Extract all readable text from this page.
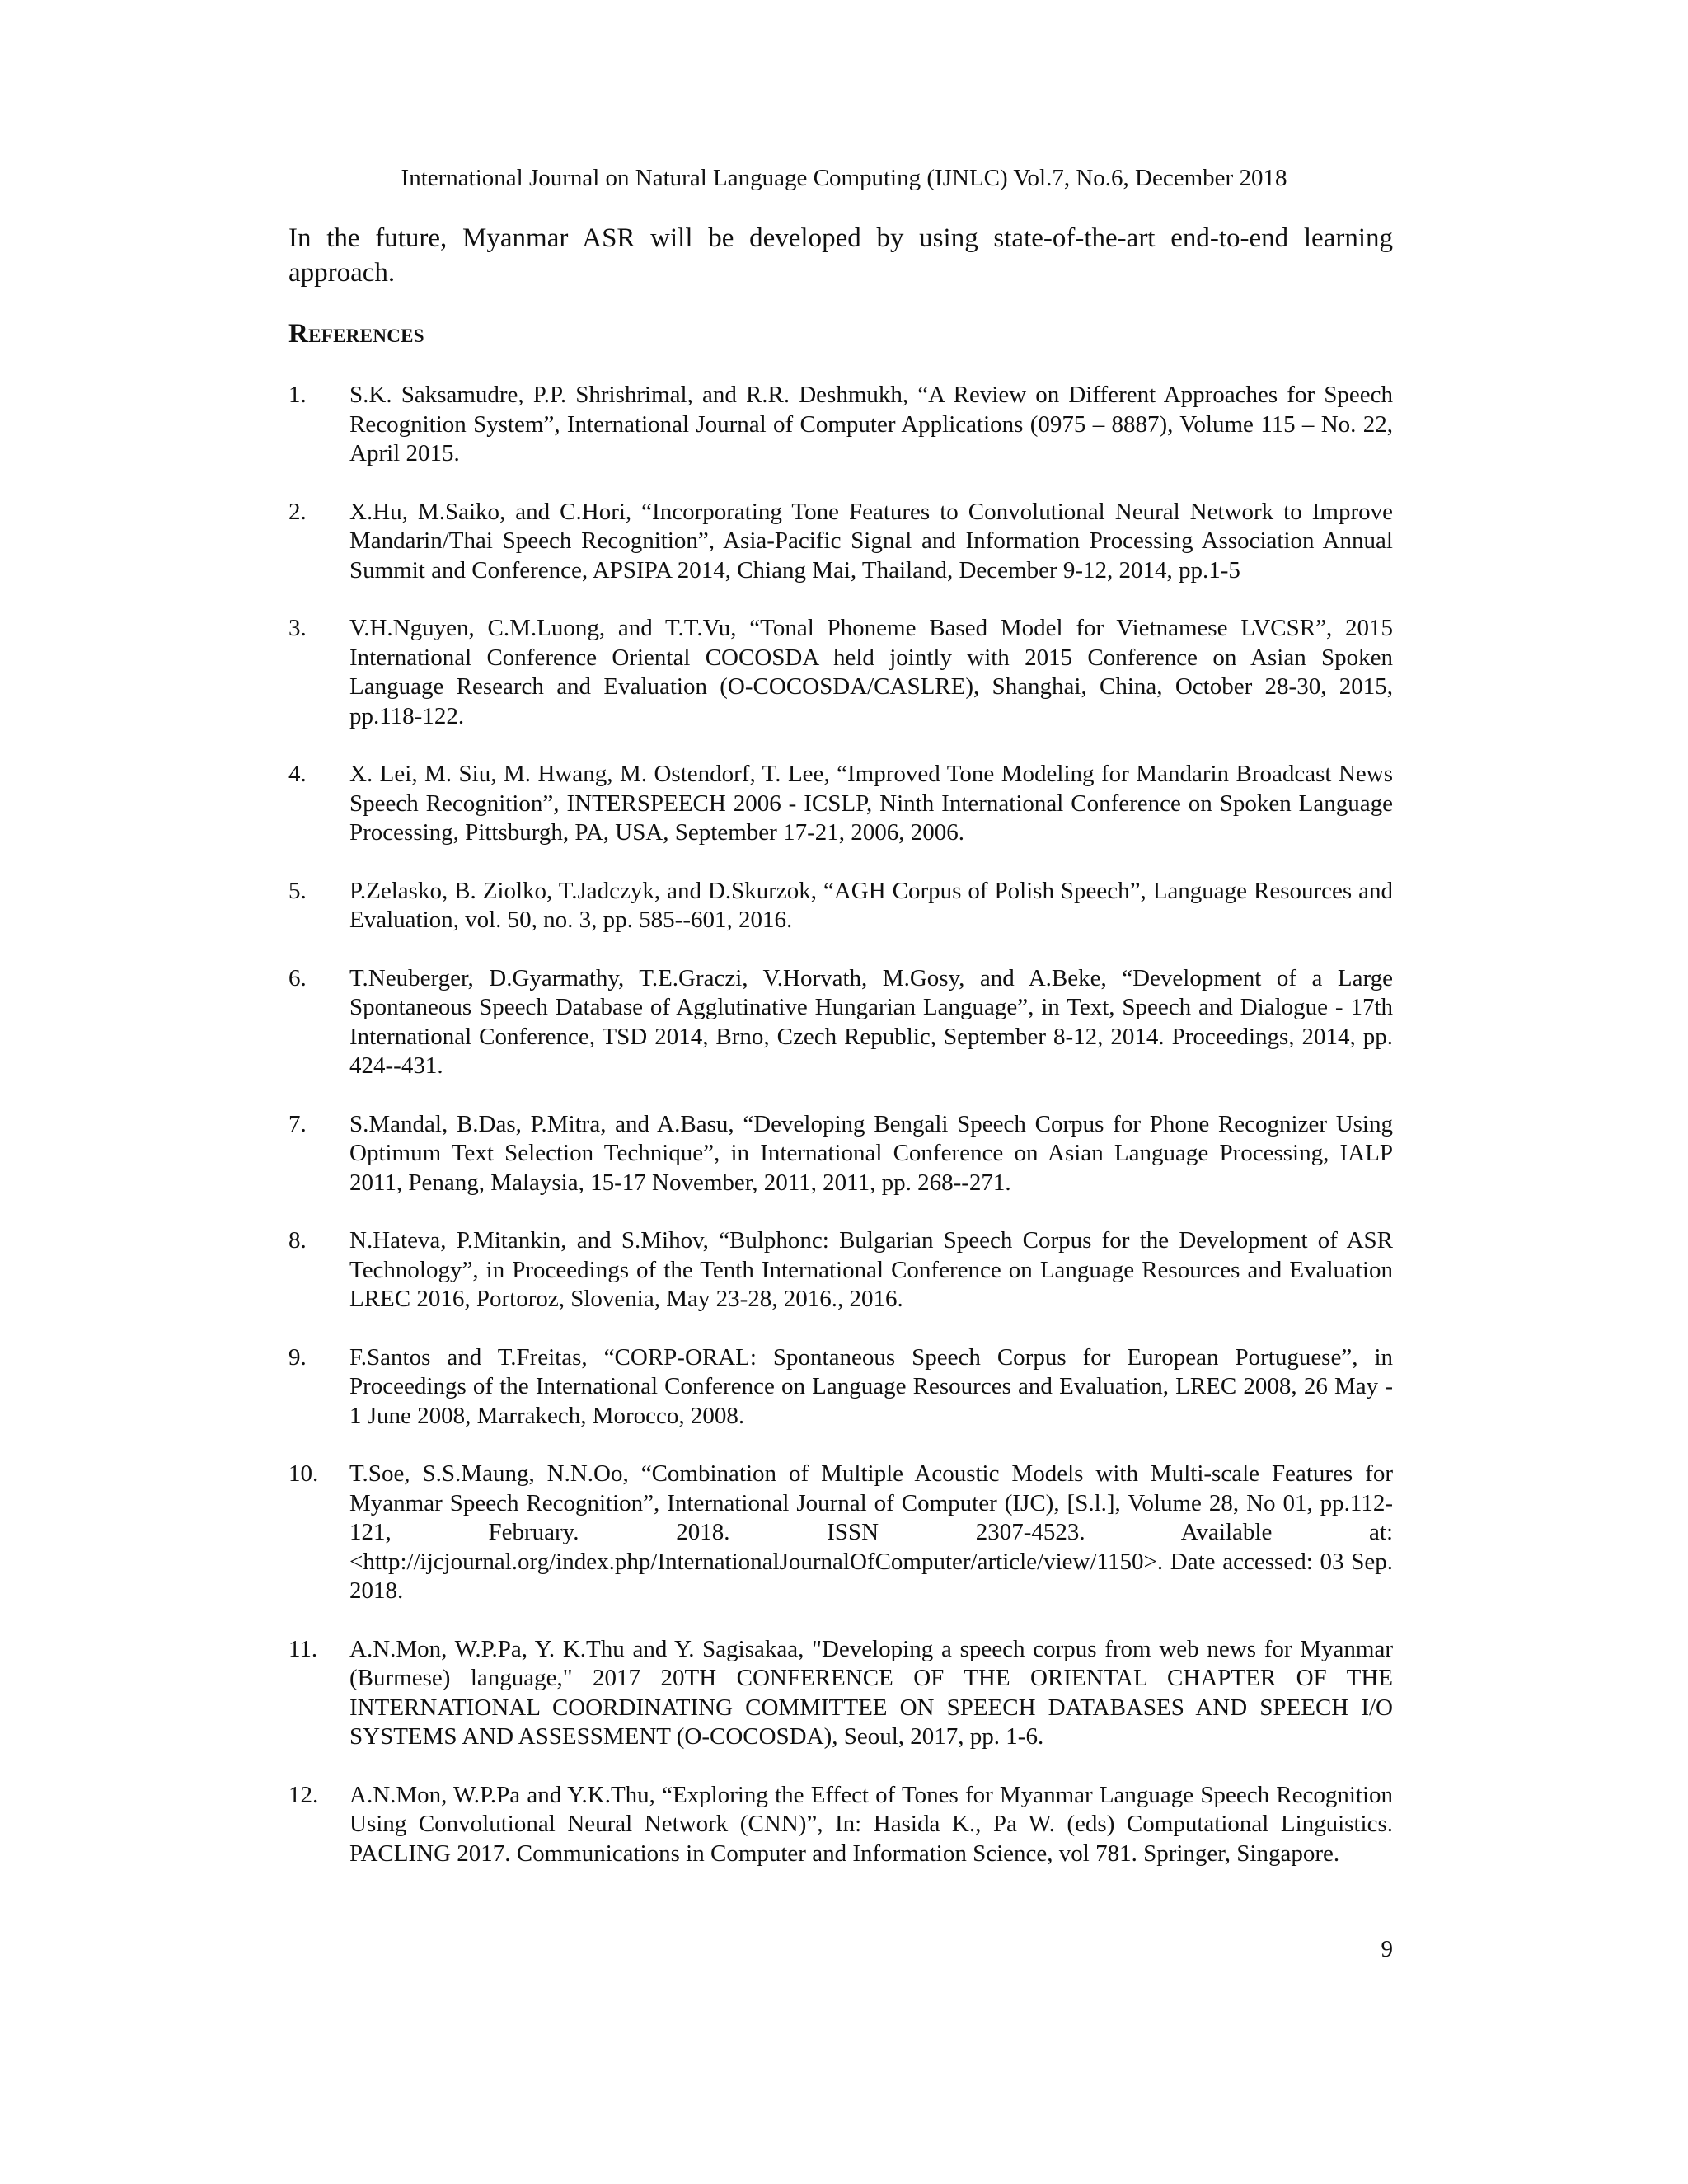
International Journal on Natural Language Computing (IJNLC) Vol.7, No.6, December 2018

In the future, Myanmar ASR will be developed by using state-of-the-art end-to-end learning approach.

References
1.	S.K. Saksamudre, P.P. Shrishrimal, and R.R. Deshmukh, “A Review on Different Approaches for Speech Recognition System”, International Journal of Computer Applications (0975 – 8887), Volume 115 – No. 22, April 2015.
2.	X.Hu, M.Saiko, and C.Hori, “Incorporating Tone Features to Convolutional Neural Network to Improve Mandarin/Thai Speech Recognition”, Asia-Pacific Signal and Information Processing Association Annual Summit and Conference, APSIPA 2014, Chiang Mai, Thailand, December 9-12, 2014, pp.1-5
3.	V.H.Nguyen, C.M.Luong, and T.T.Vu, “Tonal Phoneme Based Model for Vietnamese LVCSR”, 2015 International Conference Oriental COCOSDA held jointly with 2015 Conference on Asian Spoken Language Research and Evaluation (O-COCOSDA/CASLRE), Shanghai, China, October 28-30, 2015, pp.118-122.
4.	X. Lei, M. Siu, M. Hwang, M. Ostendorf, T. Lee, “Improved Tone Modeling for Mandarin Broadcast News Speech Recognition”, INTERSPEECH 2006 - ICSLP, Ninth International Conference on Spoken Language Processing, Pittsburgh, PA, USA, September 17-21, 2006, 2006.
5.	P.Zelasko, B. Ziolko, T.Jadczyk, and D.Skurzok, “AGH Corpus of Polish Speech”, Language Resources and Evaluation, vol. 50, no. 3, pp. 585--601, 2016.
6.	T.Neuberger, D.Gyarmathy, T.E.Graczi, V.Horvath, M.Gosy, and A.Beke, “Development of a Large Spontaneous Speech Database of Agglutinative Hungarian Language”, in Text, Speech and Dialogue - 17th International Conference, TSD 2014, Brno, Czech Republic, September 8-12, 2014. Proceedings, 2014, pp. 424--431.
7.	S.Mandal, B.Das, P.Mitra, and A.Basu, “Developing Bengali Speech Corpus for Phone Recognizer Using Optimum Text Selection Technique”, in International Conference on Asian Language Processing, IALP 2011, Penang, Malaysia, 15-17 November, 2011, 2011, pp. 268--271.
8.	N.Hateva, P.Mitankin, and S.Mihov, “Bulphonc: Bulgarian Speech Corpus for the Development of ASR Technology”, in Proceedings of the Tenth International Conference on Language Resources and Evaluation LREC 2016, Portoroz, Slovenia, May 23-28, 2016., 2016.
9.	F.Santos and T.Freitas, “CORP-ORAL: Spontaneous Speech Corpus for European Portuguese”, in Proceedings of the International Conference on Language Resources and Evaluation, LREC 2008, 26 May - 1 June 2008, Marrakech, Morocco, 2008.
10.	T.Soe, S.S.Maung, N.N.Oo, “Combination of Multiple Acoustic Models with Multi-scale Features for Myanmar Speech Recognition”, International Journal of Computer (IJC), [S.l.], Volume 28, No 01, pp.112-121, February. 2018. ISSN 2307-4523. Available at: <http://ijcjournal.org/index.php/InternationalJournalOfComputer/article/view/1150>. Date accessed: 03 Sep. 2018.
11.	A.N.Mon, W.P.Pa, Y. K.Thu and Y. Sagisakaa, "Developing a speech corpus from web news for Myanmar (Burmese) language," 2017 20TH CONFERENCE OF THE ORIENTAL CHAPTER OF THE INTERNATIONAL COORDINATING COMMITTEE ON SPEECH DATABASES AND SPEECH I/O SYSTEMS AND ASSESSMENT (O-COCOSDA), Seoul, 2017, pp. 1-6.
12.	A.N.Mon, W.P.Pa and Y.K.Thu, “Exploring the Effect of Tones for Myanmar Language Speech Recognition Using Convolutional Neural Network (CNN)”, In: Hasida K., Pa W. (eds) Computational Linguistics. PACLING 2017. Communications in Computer and Information Science, vol 781. Springer, Singapore.
9
